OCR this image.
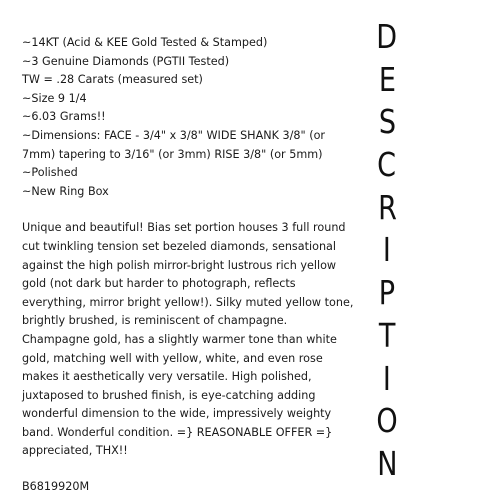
~14KT (Acid & KEE Gold Tested & Stamped)
~3 Genuine Diamonds (PGTII Tested)
TW = .28 Carats (measured set)
~Size 9 1/4
~6.03 Grams!!
~Dimensions: FACE - 3/4" x 3/8" WIDE SHANK 3/8" (or 7mm) tapering to 3/16" (or 3mm) RISE 3/8" (or 5mm)
~Polished
~New Ring Box

Unique and beautiful! Bias set portion houses 3 full round cut twinkling tension set bezeled diamonds, sensational against the high polish mirror-bright lustrous rich yellow gold (not dark but harder to photograph, reflects everything, mirror bright yellow!). Silky muted yellow tone, brightly brushed, is reminiscent of champagne. Champagne gold, has a slightly warmer tone than white gold, matching well with yellow, white, and even rose makes it aesthetically very versatile. High polished, juxtaposed to brushed finish, is eye-catching adding wonderful dimension to the wide, impressively weighty band. Wonderful condition. =} REASONABLE OFFER =} appreciated, THX!!

B6819920M

D
E
S
C
R
I
P
T
I
O
N
